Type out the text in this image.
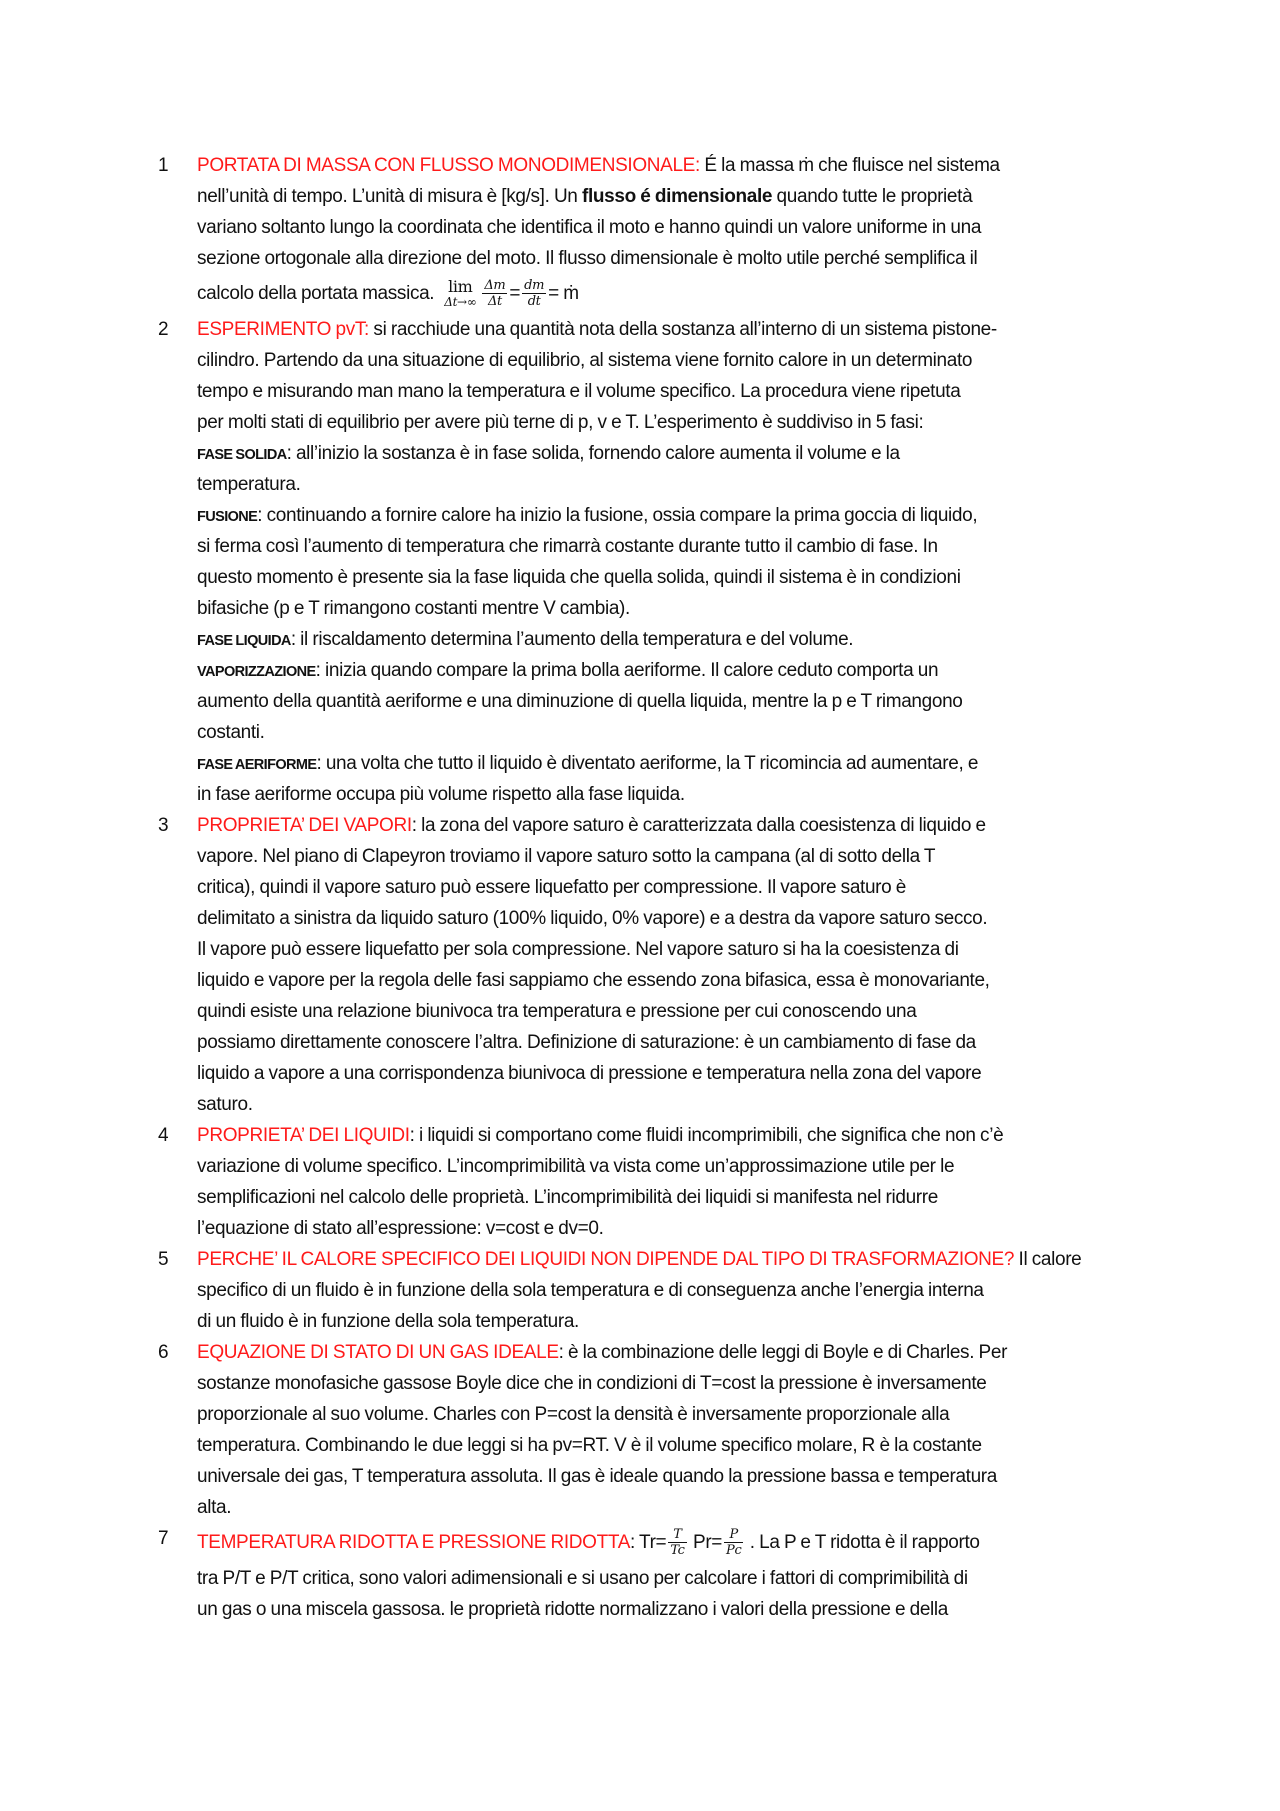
1 PORTATA DI MASSA CON FLUSSO MONODIMENSIONALE: É la massa ṁ che fluisce nel sistema
nell’unità di tempo. L’unità di misura è [kg/s]. Un flusso é dimensionale quando tutte le proprietà
variano soltanto lungo la coordinata che identifica il moto e hanno quindi un valore uniforme in una
sezione ortogonale alla direzione del moto. Il flusso dimensionale è molto utile perché semplifica il
calcolo della portata massica. lim
$\Delta t\to\infty \frac{\Delta m}{\Delta t} = \frac{dm}{dt}$ = ṁ
2 ESPERIMENTO pvT: si racchiude una quantità nota della sostanza all’interno di un sistema pistone-
cilindro. Partendo da una situazione di equilibrio, al sistema viene fornito calore in un determinato
tempo e misurando man mano la temperatura e il volume specifico. La procedura viene ripetuta
per molti stati di equilibrio per avere più terne di p, v e T. L’esperimento è suddiviso in 5 fasi:
FASE SOLIDA: all’inizio la sostanza è in fase solida, fornendo calore aumenta il volume e la
temperatura.
FUSIONE: continuando a fornire calore ha inizio la fusione, ossia compare la prima goccia di liquido,
si ferma così l’aumento di temperatura che rimarrà costante durante tutto il cambio di fase. In
questo momento è presente sia la fase liquida che quella solida, quindi il sistema è in condizioni
bifasiche (p e T rimangono costanti mentre V cambia).
FASE LIQUIDA: il riscaldamento determina l’aumento della temperatura e del volume.
VAPORIZZAZIONE: inizia quando compare la prima bolla aeriforme. Il calore ceduto comporta un
aumento della quantità aeriforme e una diminuzione di quella liquida, mentre la p e T rimangono
costanti.
FASE AERIFORME: una volta che tutto il liquido è diventato aeriforme, la T ricomincia ad aumentare, e
in fase aeriforme occupa più volume rispetto alla fase liquida.
3 PROPRIETA’ DEI VAPORI: la zona del vapore saturo è caratterizzata dalla coesistenza di liquido e
vapore. Nel piano di Clapeyron troviamo il vapore saturo sotto la campana (al di sotto della T
critica), quindi il vapore saturo può essere liquefatto per compressione. Il vapore saturo è
delimitato a sinistra da liquido saturo (100% liquido, 0% vapore) e a destra da vapore saturo secco.
Il vapore può essere liquefatto per sola compressione. Nel vapore saturo si ha la coesistenza di
liquido e vapore per la regola delle fasi sappiamo che essendo zona bifasica, essa è monovariante,
quindi esiste una relazione biunivoca tra temperatura e pressione per cui conoscendo una
possiamo direttamente conoscere l’altra. Definizione di saturazione: è un cambiamento di fase da
liquido a vapore a una corrispondenza biunivoca di pressione e temperatura nella zona del vapore
saturo.
4 PROPRIETA’ DEI LIQUIDI: i liquidi si comportano come fluidi incomprimibili, che significa che non c’è
variazione di volume specifico. L’incomprimibilità va vista come un’approssimazione utile per le
semplificazioni nel calcolo delle proprietà. L’incomprimibilità dei liquidi si manifesta nel ridurre
l’equazione di stato all’espressione: v=cost e dv=0.
5 PERCHE’ IL CALORE SPECIFICO DEI LIQUIDI NON DIPENDE DAL TIPO DI TRASFORMAZIONE? Il calore
specifico di un fluido è in funzione della sola temperatura e di conseguenza anche l’energia interna
di un fluido è in funzione della sola temperatura.
6 EQUAZIONE DI STATO DI UN GAS IDEALE: è la combinazione delle leggi di Boyle e di Charles. Per
sostanze monofasiche gassose Boyle dice che in condizioni di T=cost la pressione è inversamente
proporzionale al suo volume. Charles con P=cost la densità è inversamente proporzionale alla
temperatura. Combinando le due leggi si ha pv=RT. V è il volume specifico molare, R è la costante
universale dei gas, T temperatura assoluta. Il gas è ideale quando la pressione bassa e temperatura
alta.
7 TEMPERATURA RIDOTTA E PRESSIONE RIDOTTA: $Tr= \frac{T}{Tc} Pr= \frac{P}{Pc}$ . La P e T ridotta è il rapporto
tra P/T e P/T critica, sono valori adimensionali e si usano per calcolare i fattori di comprimibilità di
un gas o una miscela gassosa. le proprietà ridotte normalizzano i valori della pressione e della
